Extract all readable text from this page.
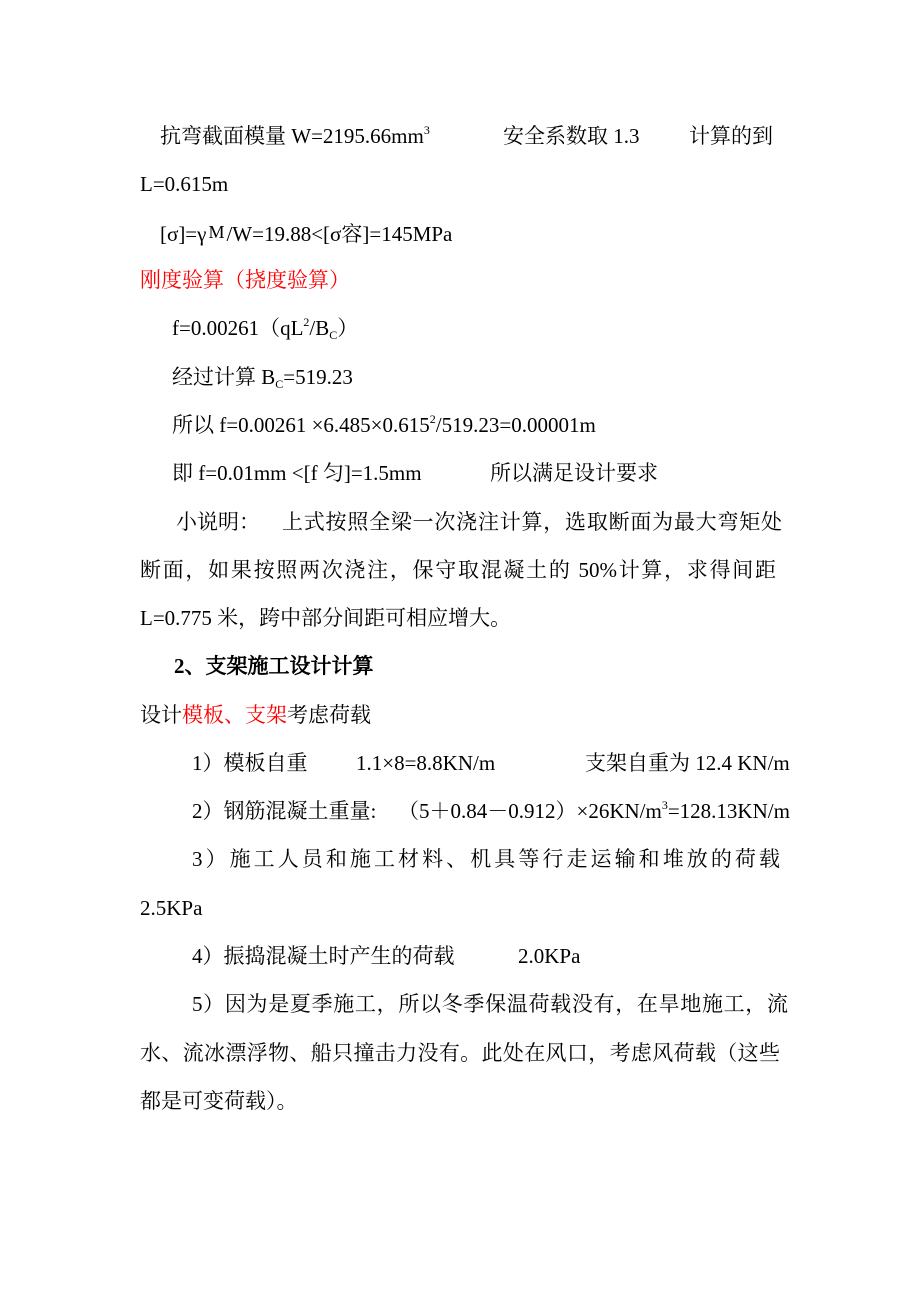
抗弯截面模量 $W=2195.66mm^3$	安全系数取 1.3 计算的到
L=0.615m
[σ]=γ M/W=19.88<[σ容]=145MPa
刚度验算（挠度验算）
$f=0.00261(qL^2/B_C)$
经过计算 $B_C=519.23$
所以 $f=0.00261 \times 6.485\times 0.615^2/519.23=0.00001m$
即 f=0.01mm <[f 匀]=1.5mm	所以满足设计要求
小说明： 上式按照全梁一次浇注计算，选取断面为最大弯矩处
断面，如果按照两次浇注，保守取混凝土的 50%计算，求得间距
L=0.775 米，跨中部分间距可相应增大。
2、支架施工设计计算
设计模板、支架考虑荷载
1）模板自重 1.1×8=8.8KN/m	支架自重为 12.4 KN/m
2）钢筋混凝土重量: $(5+0.84-0.912)\times 26KN/m^3=128.13KN/m$
3）施工人员和施工材料、机具等行走运输和堆放的荷载
2.5KPa
4）振捣混凝土时产生的荷载	2.0KPa
5）因为是夏季施工，所以冬季保温荷载没有，在旱地施工，流
水、流冰漂浮物、船只撞击力没有。此处在风口，考虑风荷载（这些
都是可变荷载）。
